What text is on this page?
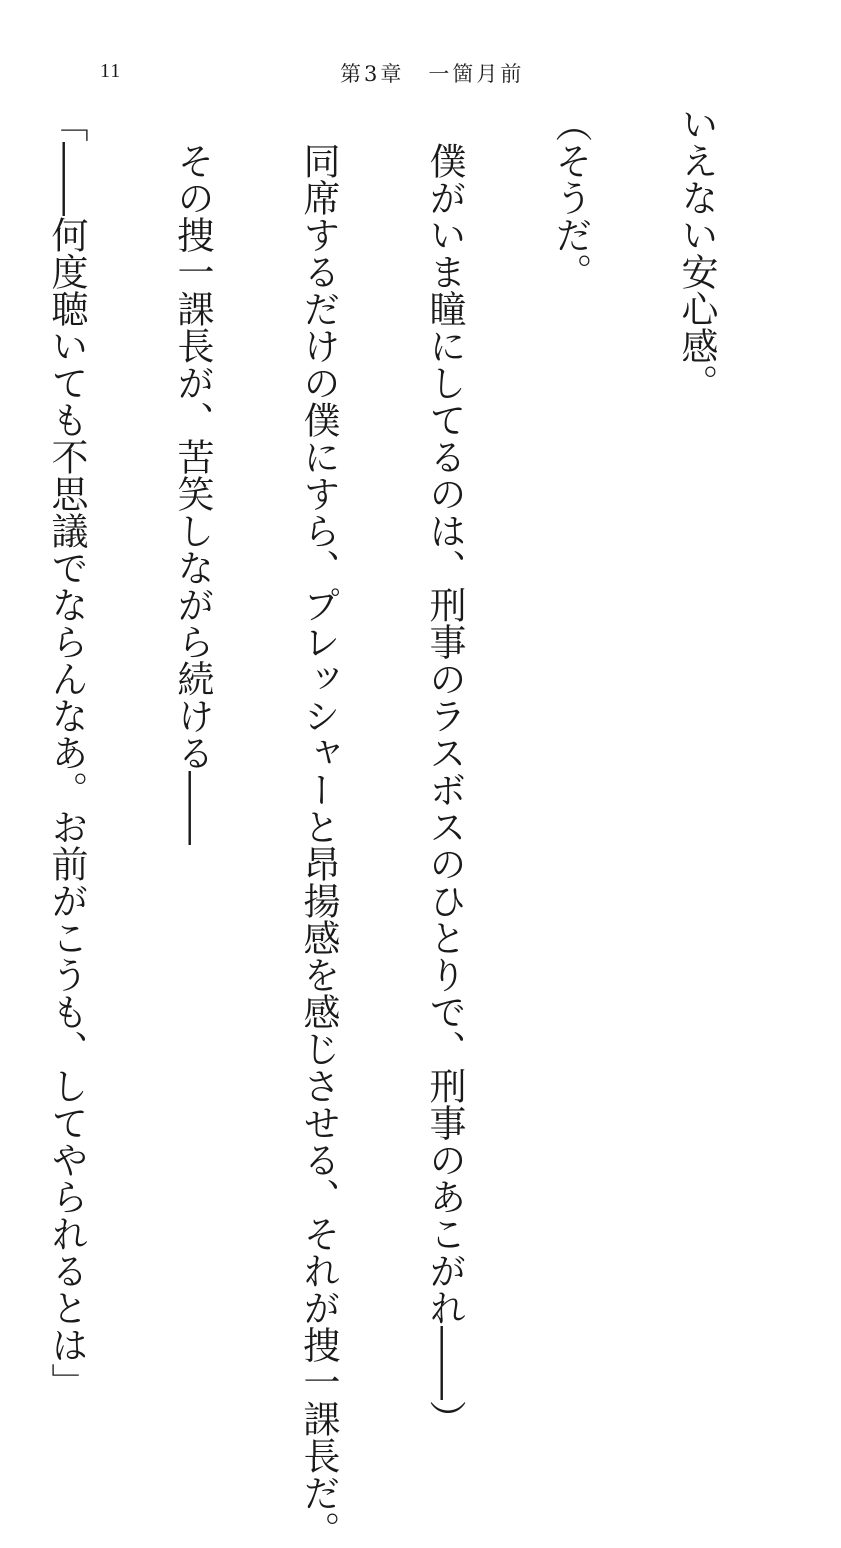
11	第3章　一箇月前

いえない安心感。

（そうだ。

　僕がいま瞳にしてるのは、刑事のラスボスのひとりで、刑事のあこがれ――）

　同席するだけの僕にすら、プレッシャーと昂揚感を感じさせる、それが捜一課長だ。

　その捜一課長が、苦笑しながら続ける――

「――何度聴いても不思議でならんなあ。お前がこうも、してやられるとは」
